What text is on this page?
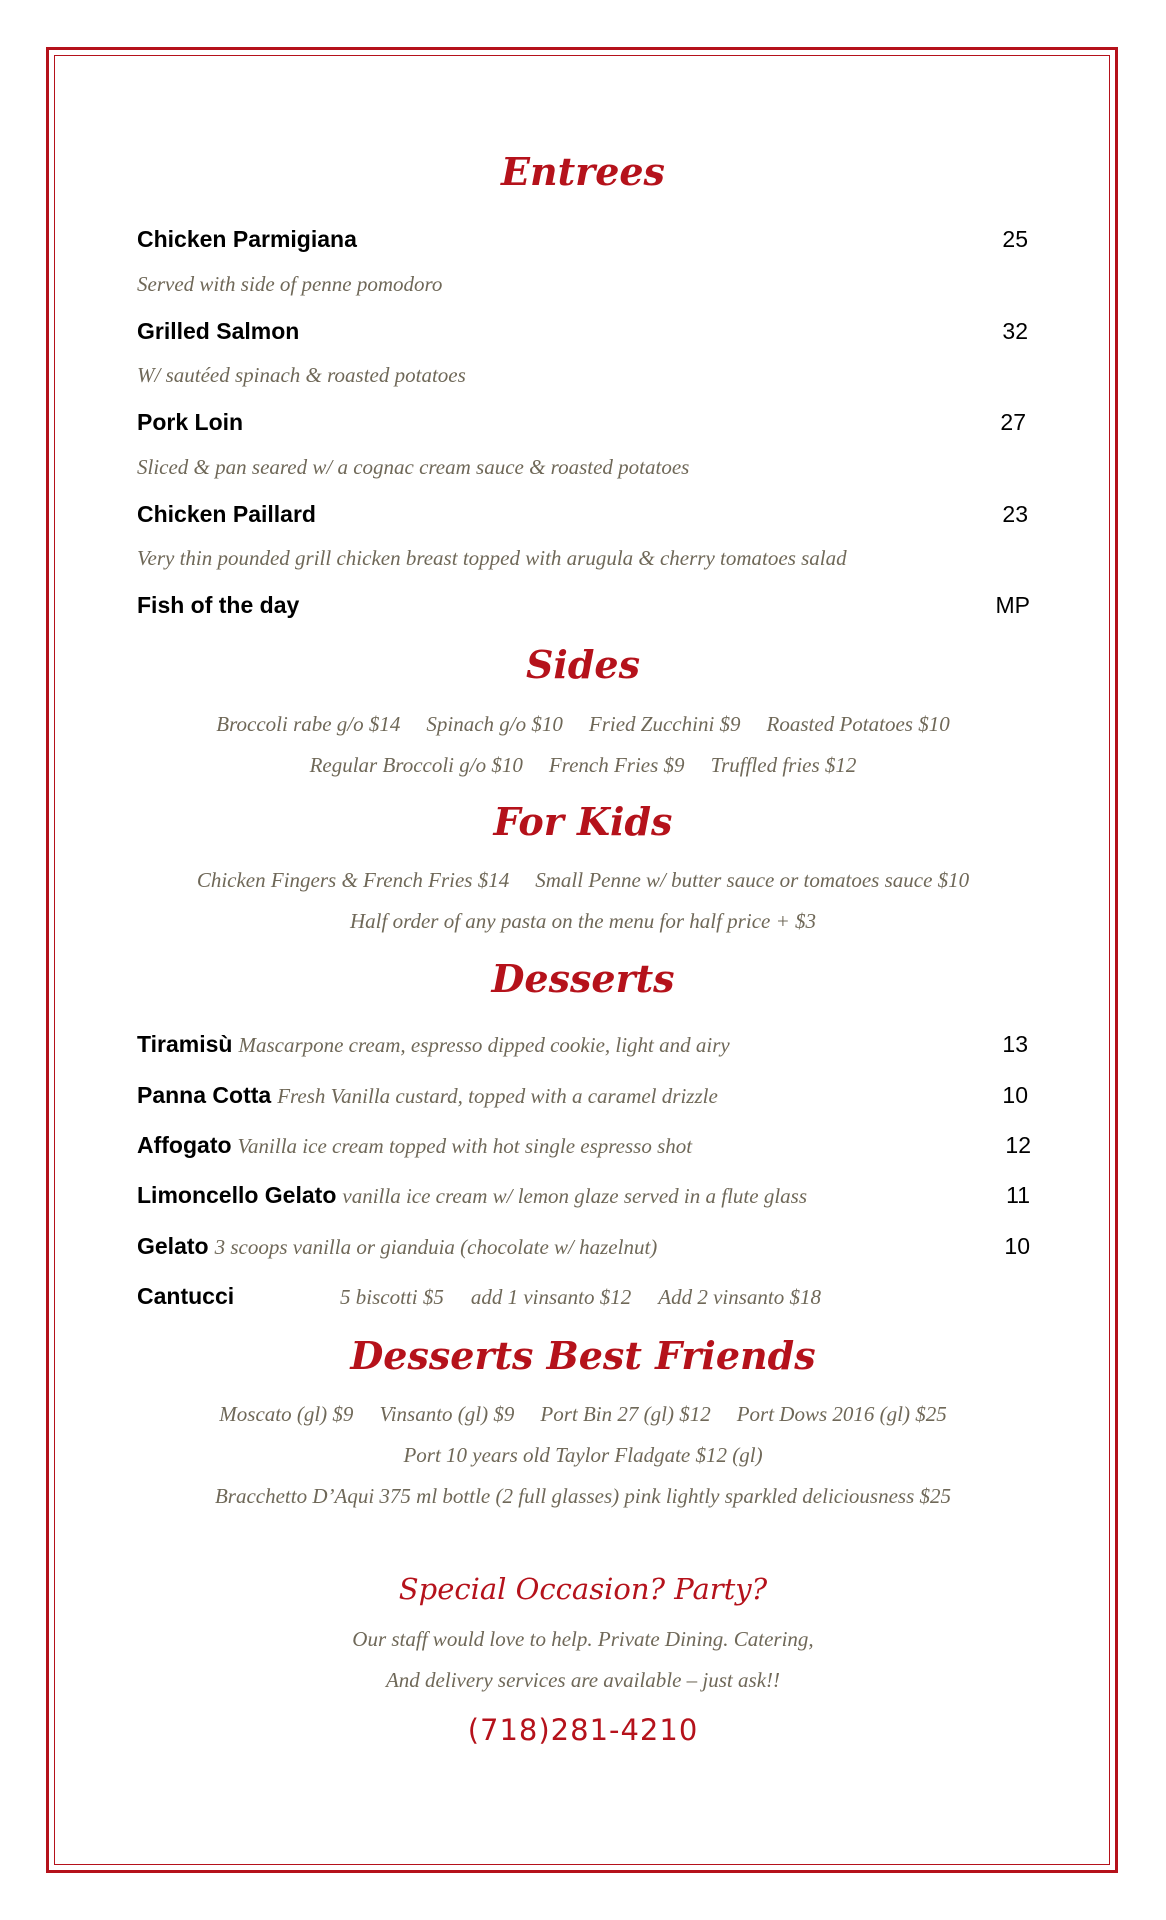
Entrees
Chicken Parmigiana	25
Served with side of penne pomodoro
Grilled Salmon	32
W/ sautéed spinach & roasted potatoes
Pork Loin	27
Sliced & pan seared w/ a cognac cream sauce & roasted potatoes
Chicken Paillard	23
Very thin pounded grill chicken breast topped with arugula & cherry tomatoes salad
Fish of the day	MP
Sides
Broccoli rabe g/o $14 Spinach g/o $10 Fried Zucchini $9 Roasted Potatoes $10
Regular Broccoli g/o $10 French Fries $9 Truffled fries $12
For Kids
Chicken Fingers & French Fries $14 Small Penne w/ butter sauce or tomatoes sauce $10
Half order of any pasta on the menu for half price + $3
Desserts
Tiramisù Mascarpone cream, espresso dipped cookie, light and airy	13
Panna Cotta Fresh Vanilla custard, topped with a caramel drizzle	10
Affogato Vanilla ice cream topped with hot single espresso shot	12
Limoncello Gelato vanilla ice cream w/ lemon glaze served in a flute glass	11
Gelato 3 scoops vanilla or gianduia (chocolate w/ hazelnut)	10
Cantucci	5 biscotti $5 add 1 vinsanto $12 Add 2 vinsanto $18
Desserts Best Friends
Moscato (gl) $9 Vinsanto (gl) $9 Port Bin 27 (gl) $12 Port Dows 2016 (gl) $25
Port 10 years old Taylor Fladgate $12 (gl)
Bracchetto D’Aqui 375 ml bottle (2 full glasses) pink lightly sparkled deliciousness $25
Special Occasion? Party?
Our staff would love to help. Private Dining. Catering,
And delivery services are available – just ask!!
(718)281-4210
